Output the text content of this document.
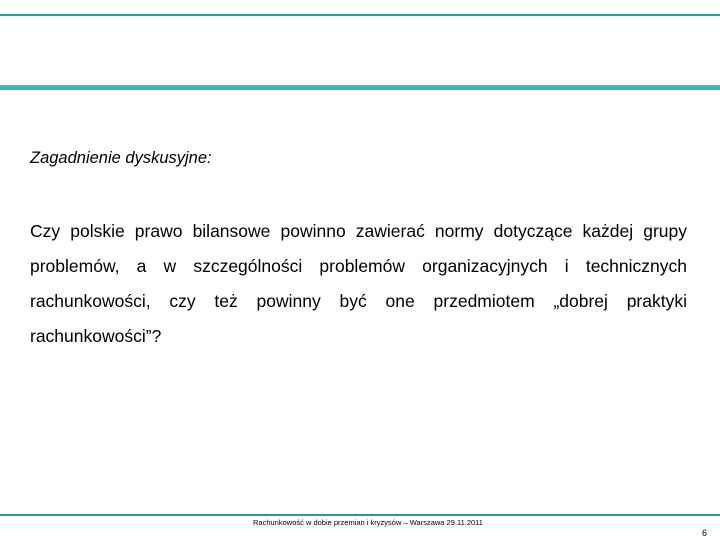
Zagadnienie dyskusyjne:

Czy polskie prawo bilansowe powinno zawierać normy dotyczące każdej grupy problemów, a w szczególności problemów organizacyjnych i technicznych rachunkowości, czy też powinny być one przedmiotem „dobrej praktyki rachunkowości”?

Rachunkowość w dobie przemian i kryzysów – Warszawa 29.11.2011
6
